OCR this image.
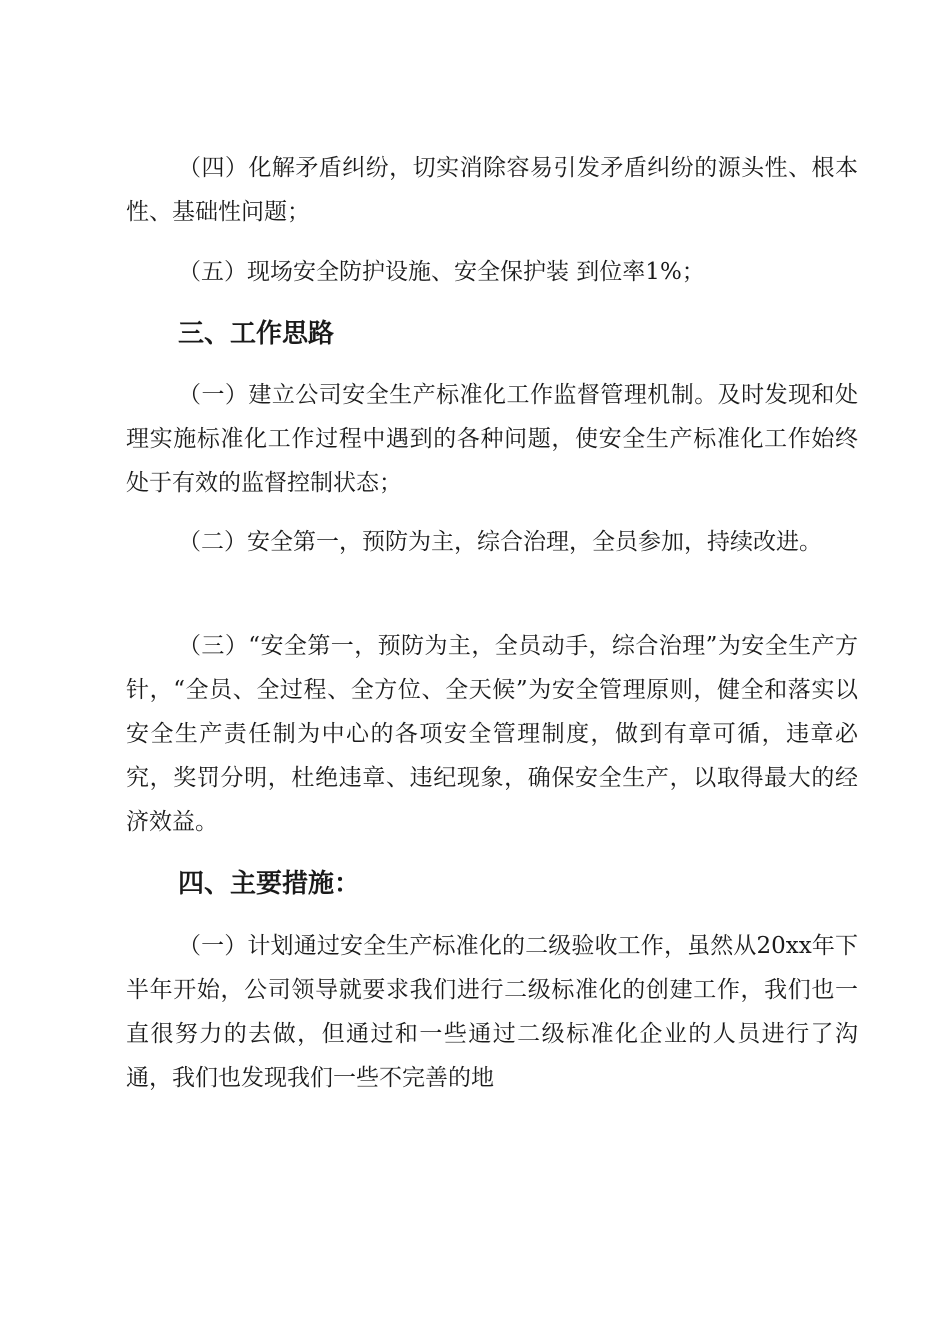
（四）化解矛盾纠纷，切实消除容易引发矛盾纠纷的源头性、根本性、基础性问题；

（五）现场安全防护设施、安全保护装 到位率1%；

三、工作思路

（一）建立公司安全生产标准化工作监督管理机制。及时发现和处理实施标准化工作过程中遇到的各种问题，使安全生产标准化工作始终处于有效的监督控制状态；

（二）安全第一，预防为主，综合治理，全员参加，持续改进。

（三）“安全第一，预防为主，全员动手，综合治理”为安全生产方针，“全员、全过程、全方位、全天候”为安全管理原则，健全和落实以安全生产责任制为中心的各项安全管理制度，做到有章可循，违章必究，奖罚分明，杜绝违章、违纪现象，确保安全生产，以取得最大的经济效益。

四、主要措施：

（一）计划通过安全生产标准化的二级验收工作，虽然从20xx年下半年开始，公司领导就要求我们进行二级标准化的创建工作，我们也一直很努力的去做，但通过和一些通过二级标准化企业的人员进行了沟通，我们也发现我们一些不完善的地
